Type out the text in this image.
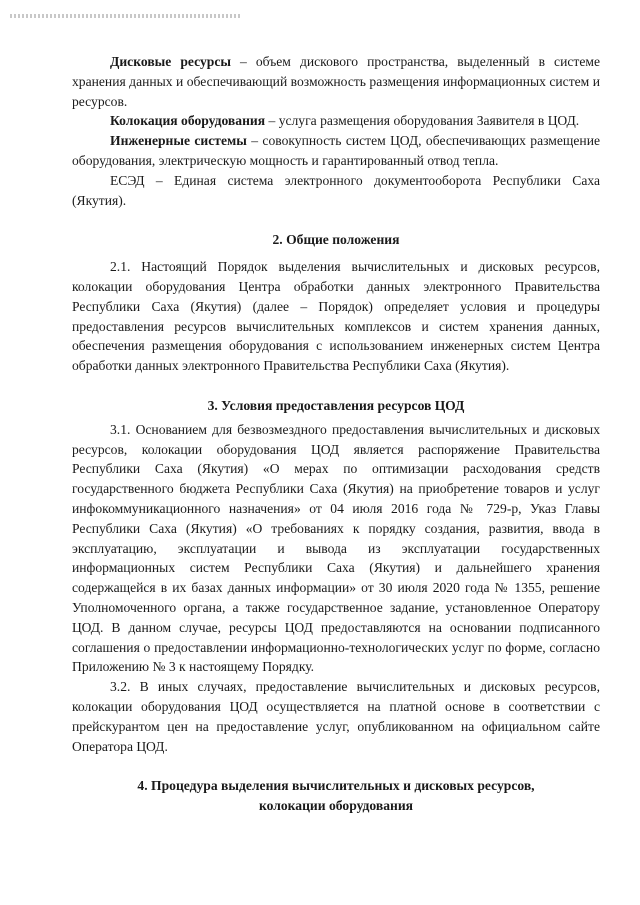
Дисковые ресурсы – объем дискового пространства, выделенный в системе хранения данных и обеспечивающий возможность размещения информационных систем и ресурсов.

Колокация оборудования – услуга размещения оборудования Заявителя в ЦОД.

Инженерные системы – совокупность систем ЦОД, обеспечивающих размещение оборудования, электрическую мощность и гарантированный отвод тепла.

ЕСЭД – Единая система электронного документооборота Республики Саха (Якутия).

2. Общие положения

2.1. Настоящий Порядок выделения вычислительных и дисковых ресурсов, колокации оборудования Центра обработки данных электронного Правительства Республики Саха (Якутия) (далее – Порядок) определяет условия и процедуры предоставления ресурсов вычислительных комплексов и систем хранения данных, обеспечения размещения оборудования с использованием инженерных систем Центра обработки данных электронного Правительства Республики Саха (Якутия).

3. Условия предоставления ресурсов ЦОД

3.1. Основанием для безвозмездного предоставления вычислительных и дисковых ресурсов, колокации оборудования ЦОД является распоряжение Правительства Республики Саха (Якутия) «О мерах по оптимизации расходования средств государственного бюджета Республики Саха (Якутия) на приобретение товаров и услуг инфокоммуникационного назначения» от 04 июля 2016 года № 729-р, Указ Главы Республики Саха (Якутия) «О требованиях к порядку создания, развития, ввода в эксплуатацию, эксплуатации и вывода из эксплуатации государственных информационных систем Республики Саха (Якутия) и дальнейшего хранения содержащейся в их базах данных информации» от 30 июля 2020 года № 1355, решение Уполномоченного органа, а также государственное задание, установленное Оператору ЦОД. В данном случае, ресурсы ЦОД предоставляются на основании подписанного соглашения о предоставлении информационно-технологических услуг по форме, согласно Приложению № 3 к настоящему Порядку.

3.2. В иных случаях, предоставление вычислительных и дисковых ресурсов, колокации оборудования ЦОД осуществляется на платной основе в соответствии с прейскурантом цен на предоставление услуг, опубликованном на официальном сайте Оператора ЦОД.

4. Процедура выделения вычислительных и дисковых ресурсов,
колокации оборудования
